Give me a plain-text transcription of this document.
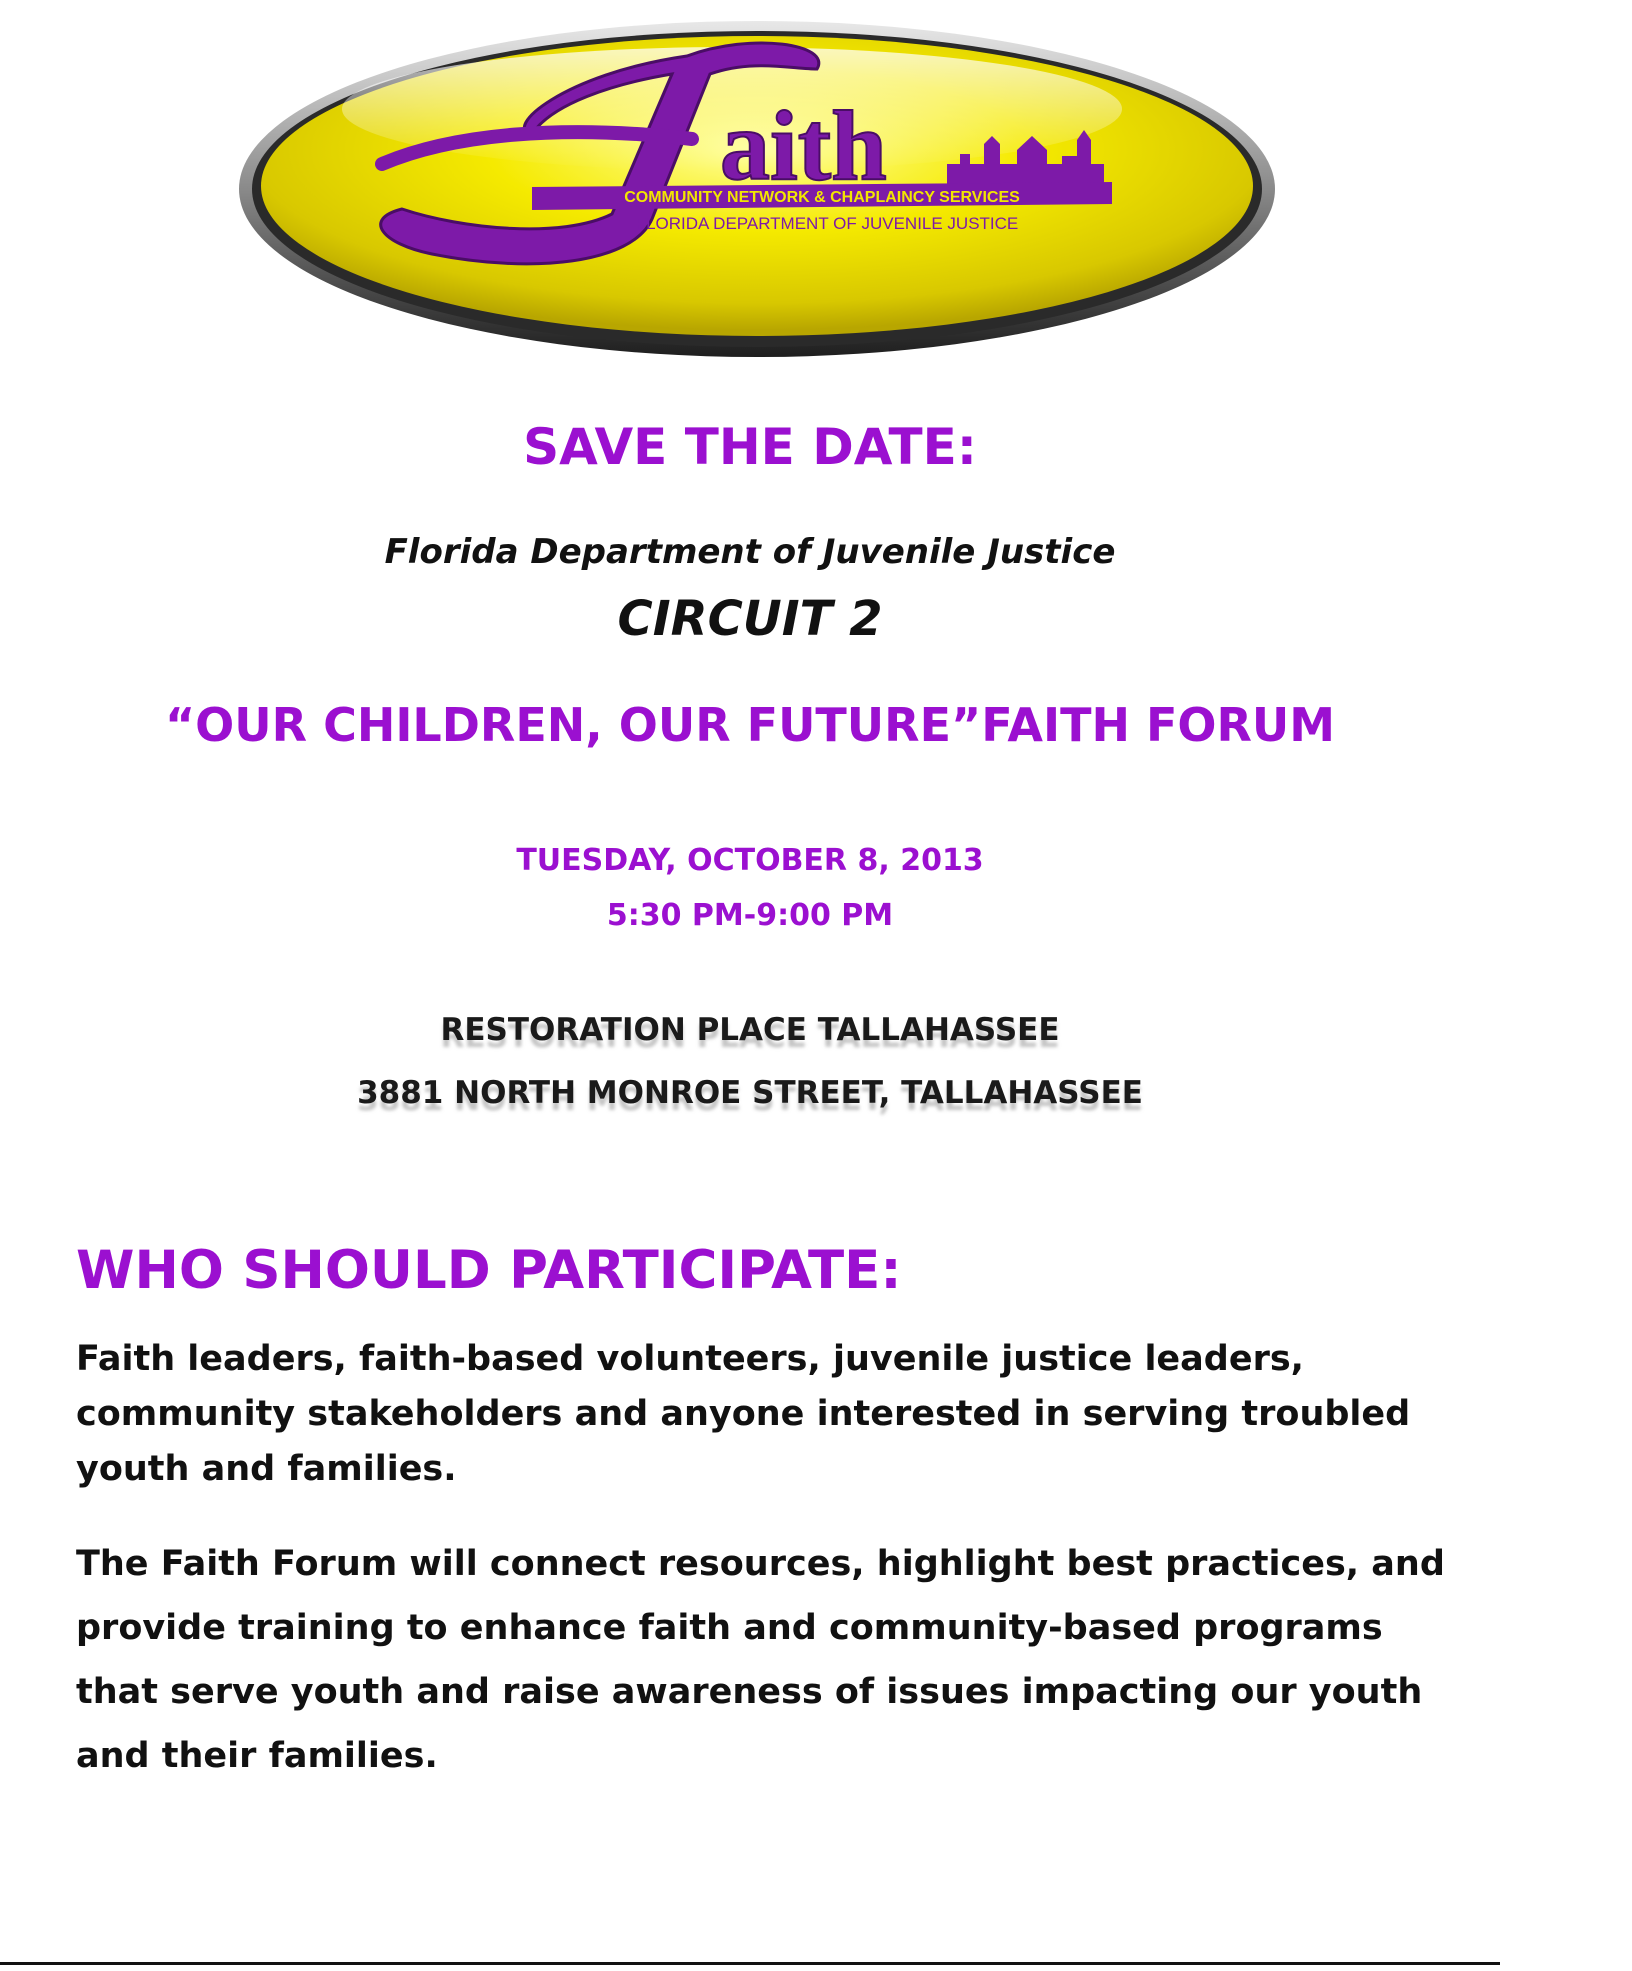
COMMUNITY NETWORK & CHAPLAINCY SERVICES
FLORIDA DEPARTMENT OF JUVENILE JUSTICE
aith
SAVE THE DATE:
Florida Department of Juvenile Justice
CIRCUIT 2
“OUR CHILDREN, OUR FUTURE”FAITH FORUM
TUESDAY, OCTOBER 8, 2013
5:30 PM-9:00 PM
RESTORATION PLACE TALLAHASSEE
3881 NORTH MONROE STREET, TALLAHASSEE
WHO SHOULD PARTICIPATE:

Faith leaders, faith-based volunteers, juvenile justice leaders, community stakeholders and anyone interested in serving troubled youth and families.

The Faith Forum will connect resources, highlight best practices, and provide training to enhance faith and community-based programs that serve youth and raise awareness of issues impacting our youth and their families.
